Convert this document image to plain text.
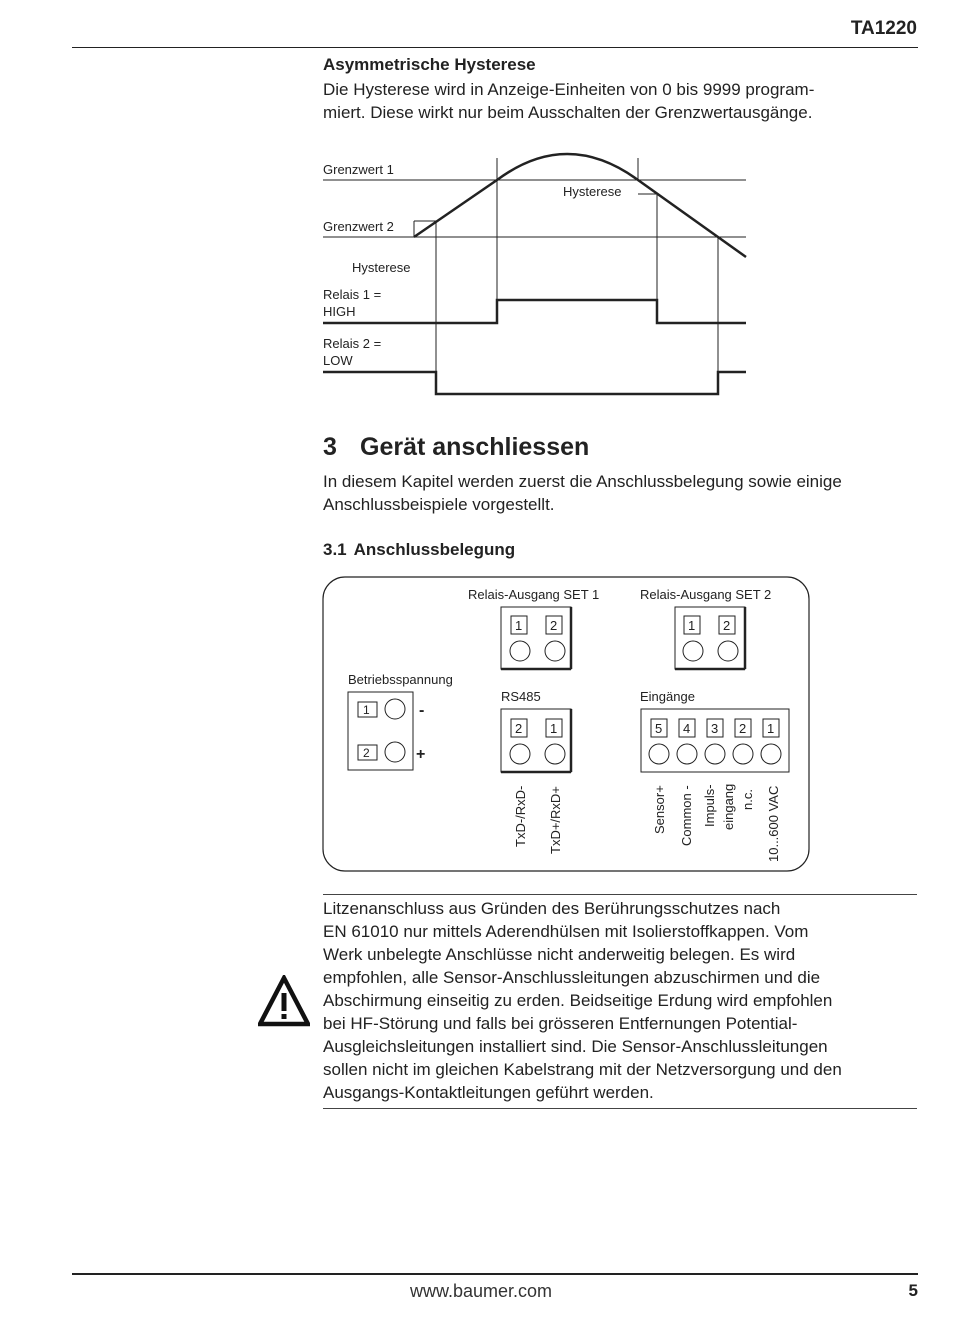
TA1220
Asymmetrische Hysterese
Die Hysterese wird in Anzeige-Einheiten von 0 bis 9999 program-
miert. Diese wirkt nur beim Ausschalten der Grenzwertausgänge.
Grenzwert 1
Grenzwert 2
Hysterese
Hysterese
Relais 1 =
HIGH
Relais 2 =
LOW
3 Gerät anschliessen
In diesem Kapitel werden zuerst die Anschlussbelegung sowie einige
Anschlussbeispiele vorgestellt.
3.1 Anschlussbelegung
Relais-Ausgang SET 1
1 2
Relais-Ausgang SET 2
1 2
Betriebsspannung
1
2
-
+
RS485
2 1
TxD-/RxD- TxD+/RxD+
Eingänge
5 4 3 2 1
Sensor+ Common - Impuls- eingang n.c. 10...600 VAC
Litzenanschluss aus Gründen des Berührungsschutzes nach
EN 61010 nur mittels Aderendhülsen mit Isolierstoffkappen. Vom
Werk unbelegte Anschlüsse nicht anderweitig belegen. Es wird
empfohlen, alle Sensor-Anschlussleitungen abzuschirmen und die
Abschirmung einseitig zu erden. Beidseitige Erdung wird empfohlen
bei HF-Störung und falls bei grösseren Entfernungen Potential-
Ausgleichsleitungen installiert sind. Die Sensor-Anschlussleitungen
sollen nicht im gleichen Kabelstrang mit der Netzversorgung und den
Ausgangs-Kontaktleitungen geführt werden.
www.baumer.com	5
